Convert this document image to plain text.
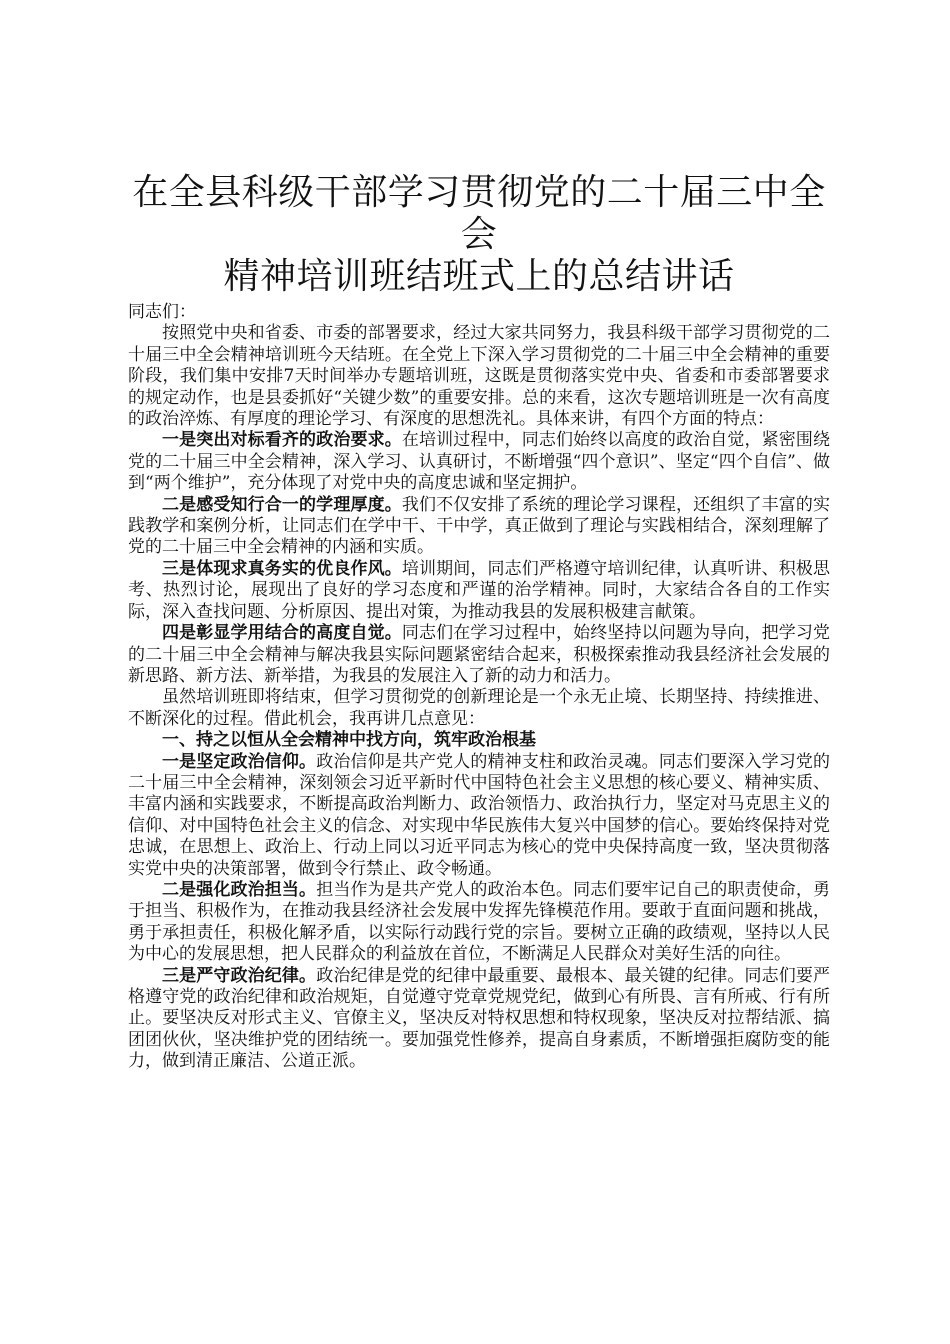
在全县科级干部学习贯彻党的二十届三中全会
精神培训班结班式上的总结讲话

同志们：

按照党中央和省委、市委的部署要求，经过大家共同努力，我县科级干部学习贯彻党的二十届三中全会精神培训班今天结班。在全党上下深入学习贯彻党的二十届三中全会精神的重要阶段，我们集中安排7天时间举办专题培训班，这既是贯彻落实党中央、省委和市委部署要求的规定动作，也是县委抓好“关键少数”的重要安排。总的来看，这次专题培训班是一次有高度的政治淬炼、有厚度的理论学习、有深度的思想洗礼。具体来讲，有四个方面的特点：

一是突出对标看齐的政治要求。在培训过程中，同志们始终以高度的政治自觉，紧密围绕党的二十届三中全会精神，深入学习、认真研讨，不断增强“四个意识”、坚定“四个自信”、做到“两个维护”，充分体现了对党中央的高度忠诚和坚定拥护。

二是感受知行合一的学理厚度。我们不仅安排了系统的理论学习课程，还组织了丰富的实践教学和案例分析，让同志们在学中干、干中学，真正做到了理论与实践相结合，深刻理解了党的二十届三中全会精神的内涵和实质。

三是体现求真务实的优良作风。培训期间，同志们严格遵守培训纪律，认真听讲、积极思考、热烈讨论，展现出了良好的学习态度和严谨的治学精神。同时，大家结合各自的工作实际，深入查找问题、分析原因、提出对策，为推动我县的发展积极建言献策。

四是彰显学用结合的高度自觉。同志们在学习过程中，始终坚持以问题为导向，把学习党的二十届三中全会精神与解决我县实际问题紧密结合起来，积极探索推动我县经济社会发展的新思路、新方法、新举措，为我县的发展注入了新的动力和活力。

虽然培训班即将结束，但学习贯彻党的创新理论是一个永无止境、长期坚持、持续推进、不断深化的过程。借此机会，我再讲几点意见：

一、持之以恒从全会精神中找方向，筑牢政治根基

一是坚定政治信仰。政治信仰是共产党人的精神支柱和政治灵魂。同志们要深入学习党的二十届三中全会精神，深刻领会习近平新时代中国特色社会主义思想的核心要义、精神实质、丰富内涵和实践要求，不断提高政治判断力、政治领悟力、政治执行力，坚定对马克思主义的信仰、对中国特色社会主义的信念、对实现中华民族伟大复兴中国梦的信心。要始终保持对党忠诚，在思想上、政治上、行动上同以习近平同志为核心的党中央保持高度一致，坚决贯彻落实党中央的决策部署，做到令行禁止、政令畅通。

二是强化政治担当。担当作为是共产党人的政治本色。同志们要牢记自己的职责使命，勇于担当、积极作为，在推动我县经济社会发展中发挥先锋模范作用。要敢于直面问题和挑战，勇于承担责任，积极化解矛盾，以实际行动践行党的宗旨。要树立正确的政绩观，坚持以人民为中心的发展思想，把人民群众的利益放在首位，不断满足人民群众对美好生活的向往。

三是严守政治纪律。政治纪律是党的纪律中最重要、最根本、最关键的纪律。同志们要严格遵守党的政治纪律和政治规矩，自觉遵守党章党规党纪，做到心有所畏、言有所戒、行有所止。要坚决反对形式主义、官僚主义，坚决反对特权思想和特权现象，坚决反对拉帮结派、搞团团伙伙，坚决维护党的团结统一。要加强党性修养，提高自身素质，不断增强拒腐防变的能力，做到清正廉洁、公道正派。
